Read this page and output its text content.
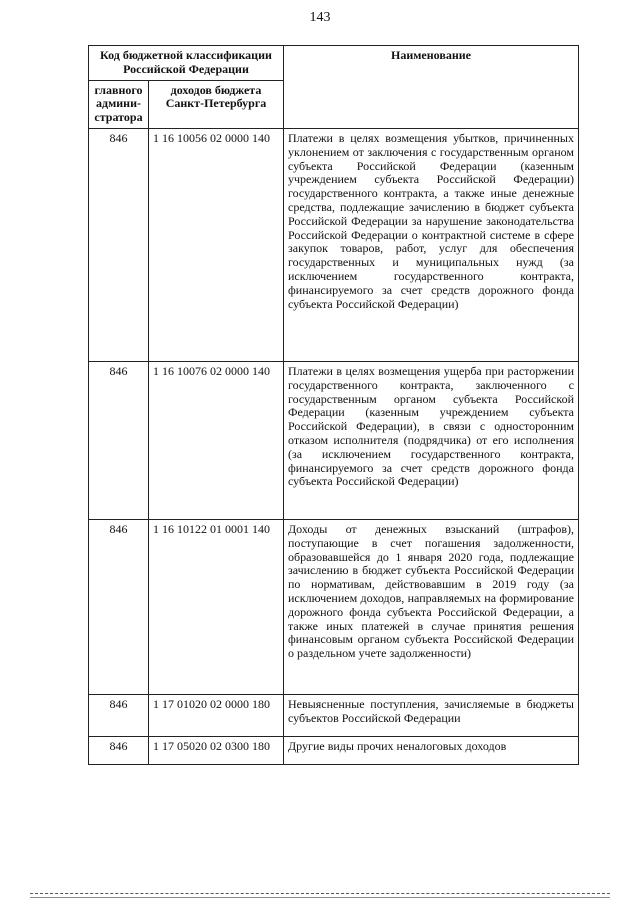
143
Код бюджетной классификации Российской Федерации		Наименование
главного админи-стратора	доходов бюджета Санкт-Петербурга	
846	1 16 10056 02 0000 140	Платежи в целях возмещения убытков, причиненных уклонением от заключения с государственным органом субъекта Российской Федерации (казенным учреждением субъекта Российской Федерации) государственного контракта, а также иные денежные средства, подлежащие зачислению в бюджет субъекта Российской Федерации за нарушение законодательства Российской Федерации о контрактной системе в сфере закупок товаров, работ, услуг для обеспечения государственных и муниципальных нужд (за исключением государственного контракта, финансируемого за счет средств дорожного фонда субъекта Российской Федерации)
846	1 16 10076 02 0000 140	Платежи в целях возмещения ущерба при расторжении государственного контракта, заключенного с государственным органом субъекта Российской Федерации (казенным учреждением субъекта Российской Федерации), в связи с односторонним отказом исполнителя (подрядчика) от его исполнения (за исключением государственного контракта, финансируемого за счет средств дорожного фонда субъекта Российской Федерации)
846	1 16 10122 01 0001 140	Доходы от денежных взысканий (штрафов), поступающие в счет погашения задолженности, образовавшейся до 1 января 2020 года, подлежащие зачислению в бюджет субъекта Российской Федерации по нормативам, действовавшим в 2019 году (за исключением доходов, направляемых на формирование дорожного фонда субъекта Российской Федерации, а также иных платежей в случае принятия решения финансовым органом субъекта Российской Федерации о раздельном учете задолженности)
846	1 17 01020 02 0000 180	Невыясненные поступления, зачисляемые в бюджеты субъектов Российской Федерации
846	1 17 05020 02 0300 180	Другие виды прочих неналоговых доходов
